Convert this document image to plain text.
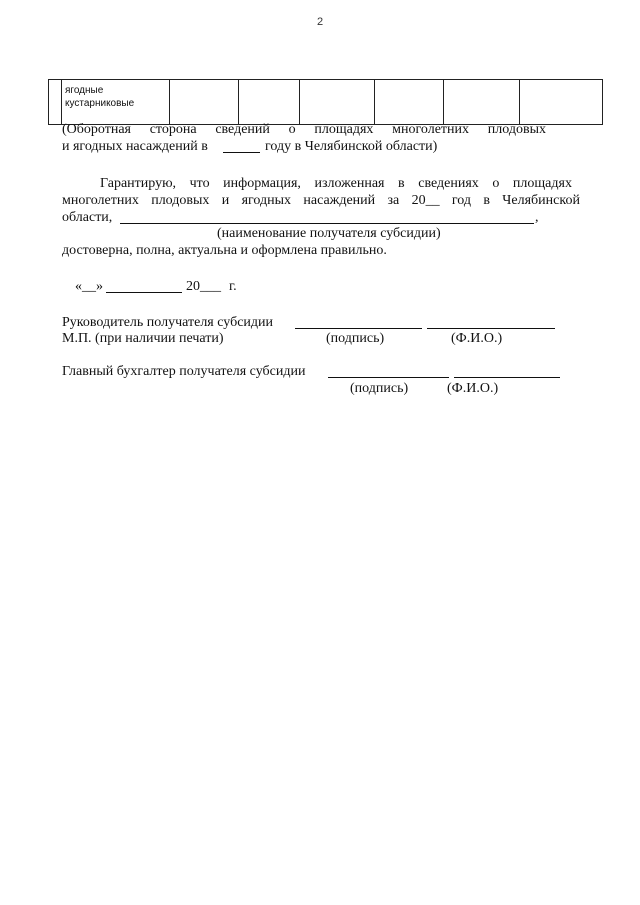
2

ягодные
кустарниковые

(Оборотная сторона сведений о площадях многолетних плодовых
и ягодных насаждений в	году в Челябинской области)
Гарантирую, что информация, изложенная в сведениях о площадях
многолетних плодовых и ягодных насаждений за 20__ год в Челябинской
области,	,
(наименование получателя субсидии)
достоверна, полна, актуальна и оформлена правильно.
«__»	20___ г.
Руководитель получателя субсидии
М.П. (при наличии печати)	(подпись)	(Ф.И.О.)
Главный бухгалтер получателя субсидии
(подпись)	(Ф.И.О.)
